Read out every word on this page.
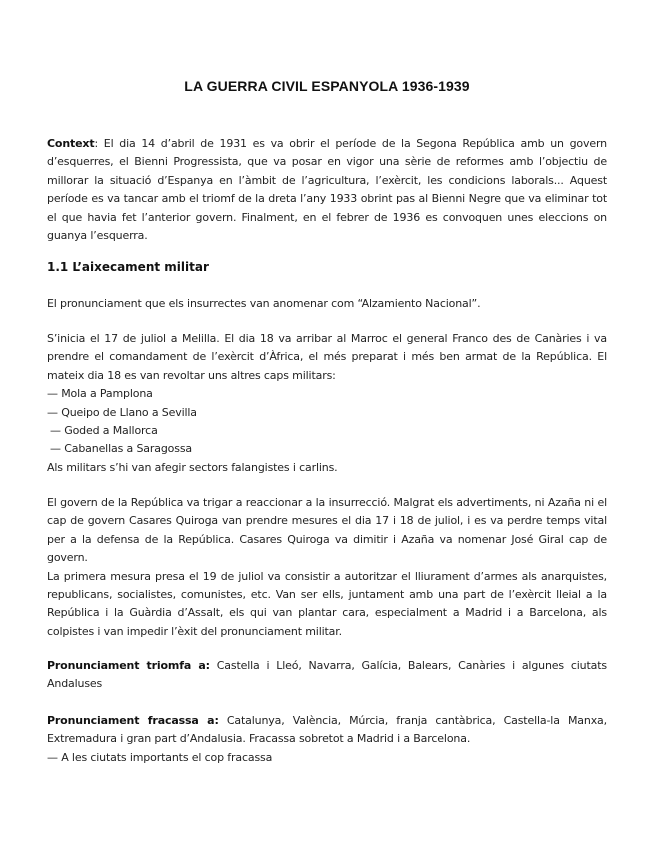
LA GUERRA CIVIL ESPANYOLA 1936-1939

Context: El dia 14 d’abril de 1931 es va obrir el període de la Segona República amb un govern d’esquerres, el Bienni Progressista, que va posar en vigor una sèrie de reformes amb l’objectiu de millorar la situació d’Espanya en l’àmbit de l’agricultura, l’exèrcit, les condicions laborals... Aquest període es va tancar amb el triomf de la dreta l’any 1933 obrint pas al Bienni Negre que va eliminar tot el que havia fet l’anterior govern. Finalment, en el febrer de 1936 es convoquen unes eleccions on guanya l’esquerra.

1.1 L’aixecament militar

El pronunciament que els insurrectes van anomenar com “Alzamiento Nacional”.

S’inicia el 17 de juliol a Melilla. El dia 18 va arribar al Marroc el general Franco des de Canàries i va prendre el comandament de l’exèrcit d’Àfrica, el més preparat i més ben armat de la República. El mateix dia 18 es van revoltar uns altres caps militars:
— Mola a Pamplona
— Queipo de Llano a Sevilla
— Goded a Mallorca
— Cabanellas a Saragossa
Als militars s’hi van afegir sectors falangistes i carlins.
El govern de la República va trigar a reaccionar a la insurrecció. Malgrat els advertiments, ni Azaña ni el cap de govern Casares Quiroga van prendre mesures el dia 17 i 18 de juliol, i es va perdre temps vital per a la defensa de la República. Casares Quiroga va dimitir i Azaña va nomenar José Giral cap de govern.
La primera mesura presa el 19 de juliol va consistir a autoritzar el lliurament d’armes als anarquistes, republicans, socialistes, comunistes, etc. Van ser ells, juntament amb una part de l’exèrcit lleial a la República i la Guàrdia d’Assalt, els qui van plantar cara, especialment a Madrid i a Barcelona, als colpistes i van impedir l’èxit del pronunciament militar.

Pronunciament triomfa a: Castella i Lleó, Navarra, Galícia, Balears, Canàries i algunes ciutats Andaluses

Pronunciament fracassa a: Catalunya, València, Múrcia, franja cantàbrica, Castella-la Manxa, Extremadura i gran part d’Andalusia. Fracassa sobretot a Madrid i a Barcelona.
— A les ciutats importants el cop fracassa
